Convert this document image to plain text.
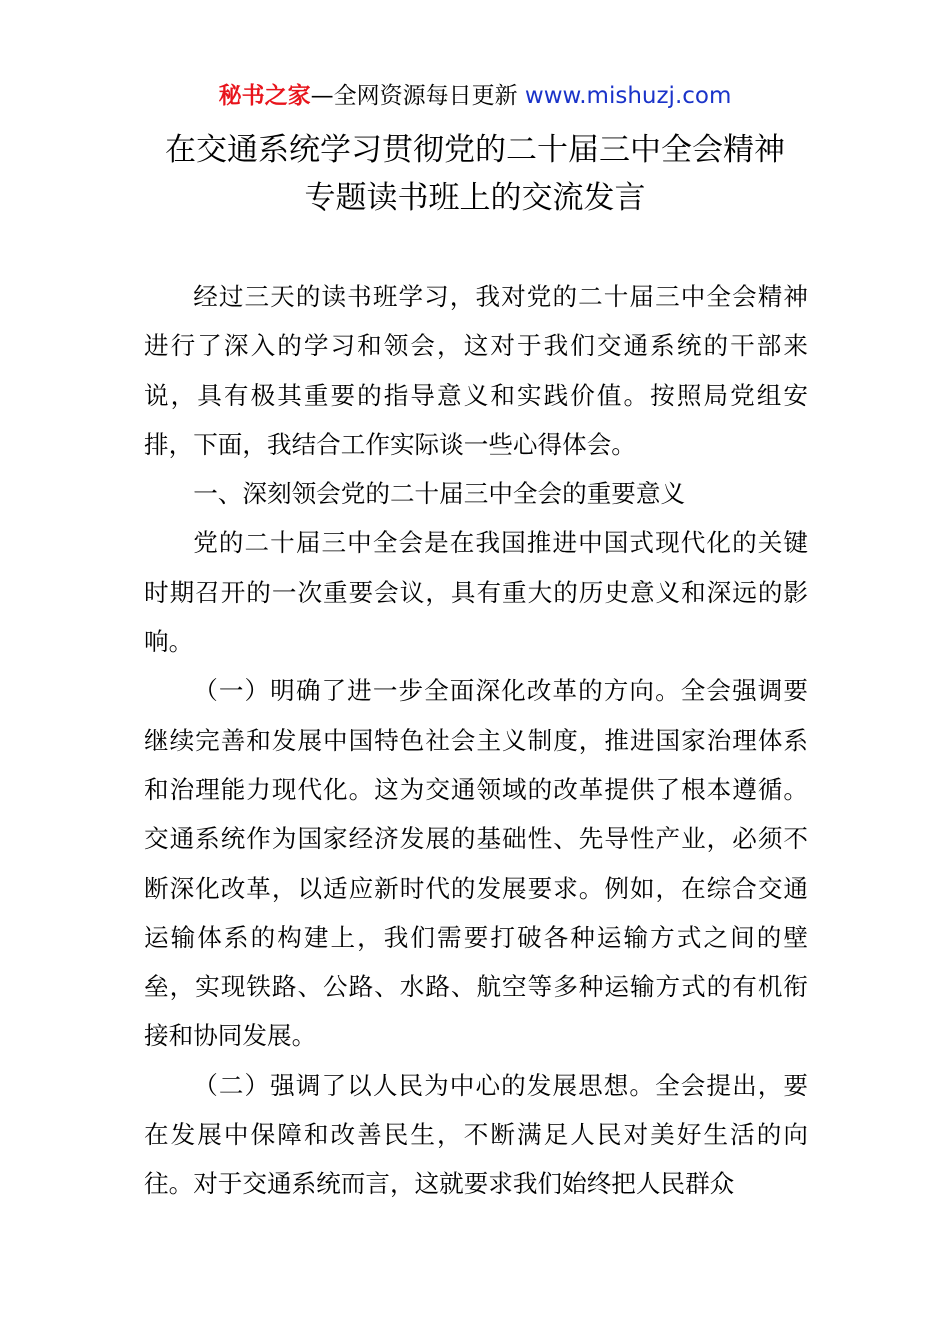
秘书之家—全网资源每日更新 www.mishuzj.com
在交通系统学习贯彻党的二十届三中全会精神
专题读书班上的交流发言

经过三天的读书班学习，我对党的二十届三中全会精神进行了深入的学习和领会，这对于我们交通系统的干部来说，具有极其重要的指导意义和实践价值。按照局党组安排，下面，我结合工作实际谈一些心得体会。

一、深刻领会党的二十届三中全会的重要意义

党的二十届三中全会是在我国推进中国式现代化的关键时期召开的一次重要会议，具有重大的历史意义和深远的影响。

（一）明确了进一步全面深化改革的方向。全会强调要继续完善和发展中国特色社会主义制度，推进国家治理体系和治理能力现代化。这为交通领域的改革提供了根本遵循。交通系统作为国家经济发展的基础性、先导性产业，必须不断深化改革，以适应新时代的发展要求。例如，在综合交通运输体系的构建上，我们需要打破各种运输方式之间的壁垒，实现铁路、公路、水路、航空等多种运输方式的有机衔接和协同发展。

（二）强调了以人民为中心的发展思想。全会提出，要在发展中保障和改善民生，不断满足人民对美好生活的向往。对于交通系统而言，这就要求我们始终把人民群众
